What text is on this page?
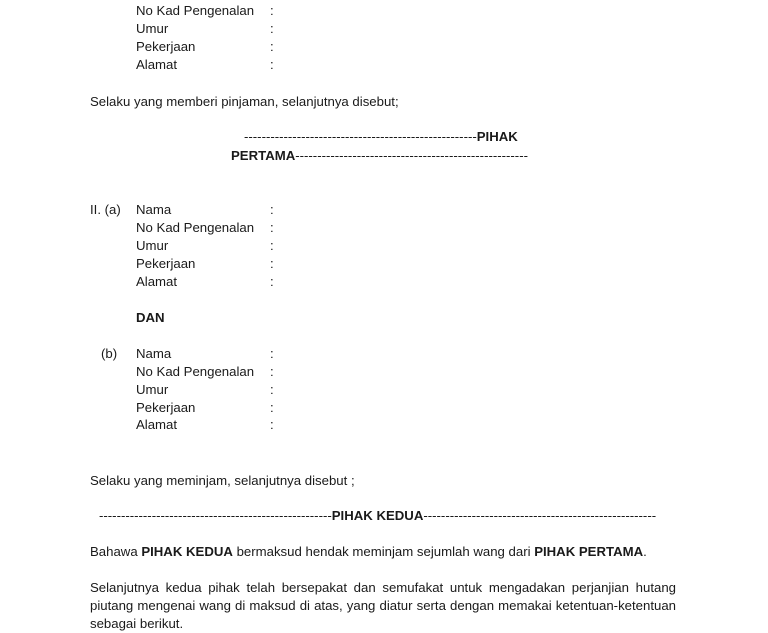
No Kad Pengenalan :
Umur	:
Pekerjaan	:
Alamat	:
Selaku yang memberi pinjaman, selanjutnya disebut;
-----------------------------------------------------PIHAK
PERTAMA-----------------------------------------------------
II. (a) Nama	:
No Kad Pengenalan :
Umur	:
Pekerjaan	:
Alamat	:
DAN
(b) Nama	:
No Kad Pengenalan :
Umur	:
Pekerjaan	:
Alamat	:
Selaku yang meminjam, selanjutnya disebut ;
-----------------------------------------------------PIHAK KEDUA-----------------------------------------------------
Bahawa PIHAK KEDUA bermaksud hendak meminjam sejumlah wang dari PIHAK PERTAMA.
Selanjutnya kedua pihak telah bersepakat dan semufakat untuk mengadakan perjanjian hutang piutang mengenai wang di maksud di atas, yang diatur serta dengan memakai ketentuan-ketentuan sebagai berikut.
